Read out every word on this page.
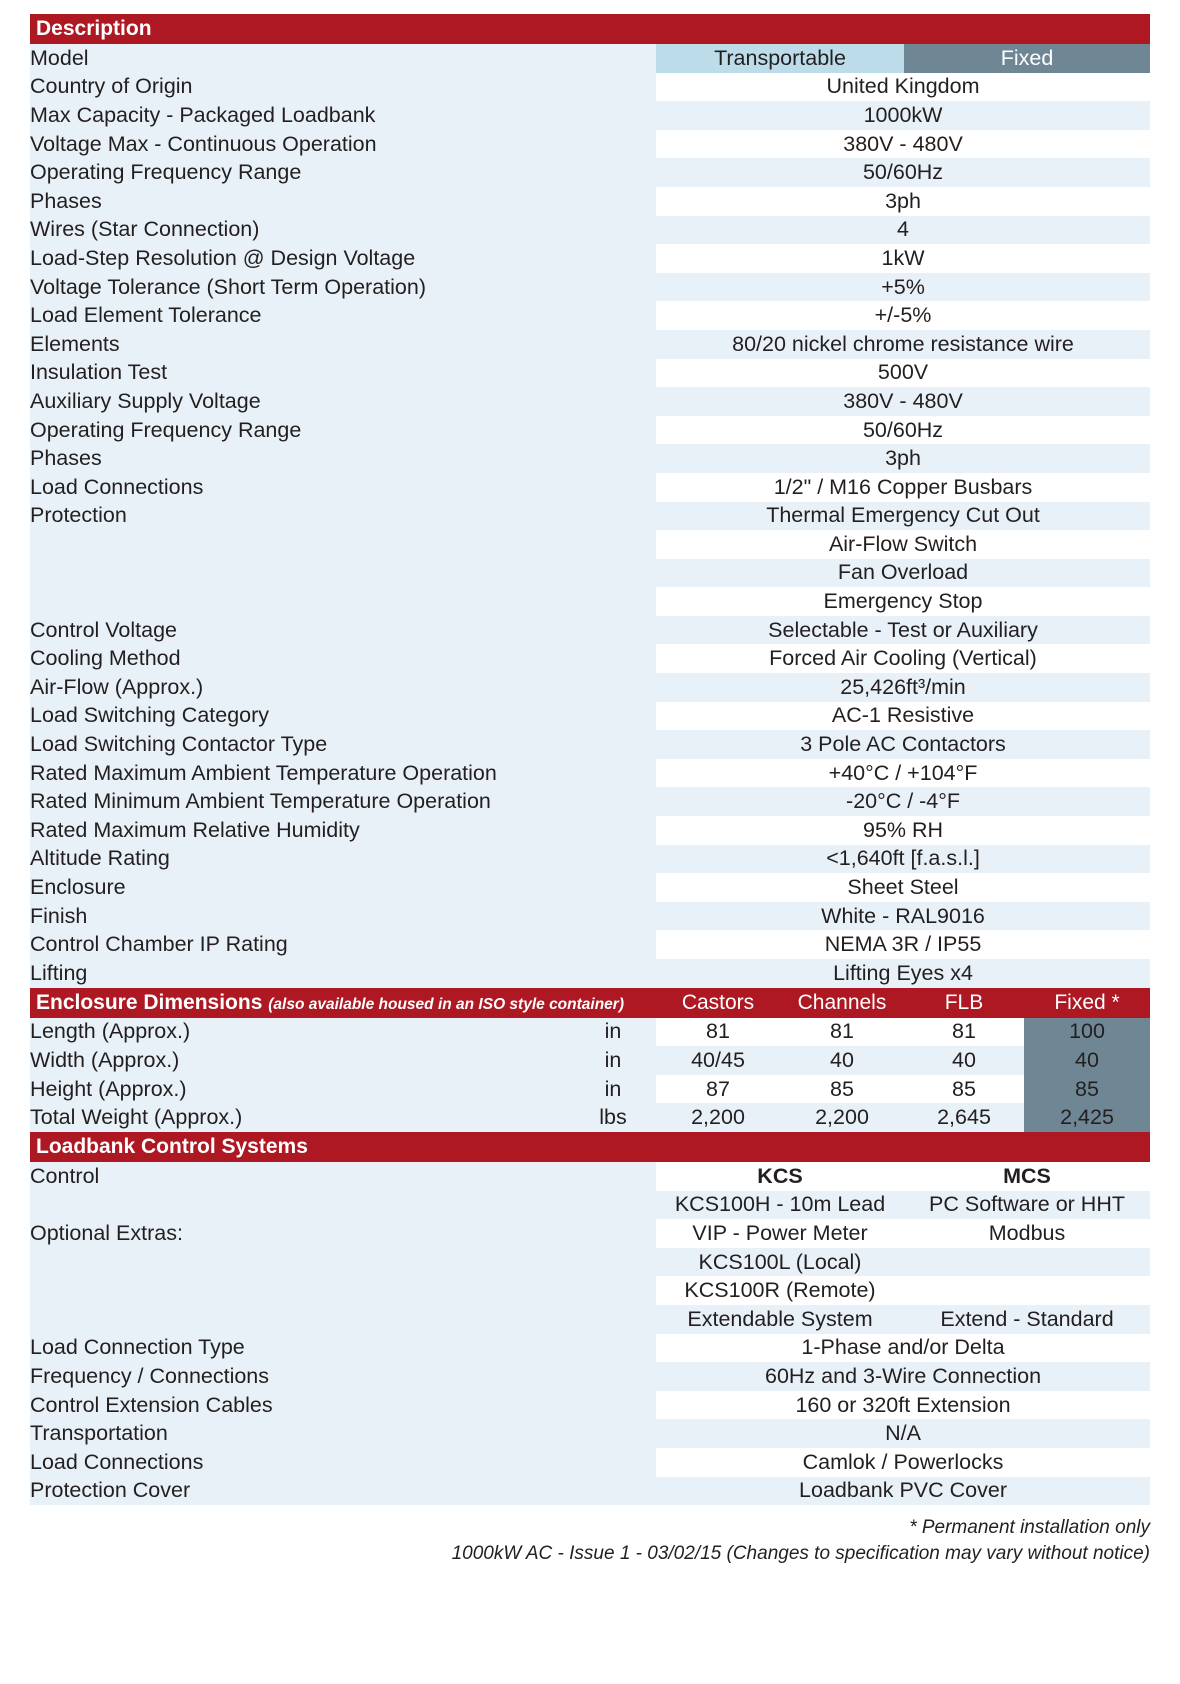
Description					

Model		Transportable		Fixed	
Country of Origin		United Kingdom			
Max Capacity - Packaged Loadbank		1000kW			
Voltage Max - Continuous Operation		380V - 480V			
Operating Frequency Range		50/60Hz			
Phases		3ph			
Wires (Star Connection)		4			
Load-Step Resolution @ Design Voltage		1kW			
Voltage Tolerance (Short Term Operation)		+5%			
Load Element Tolerance		+/-5%			
Elements		80/20 nickel chrome resistance wire			
Insulation Test		500V			
Auxiliary Supply Voltage		380V - 480V			
Operating Frequency Range		50/60Hz			
Phases		3ph			
Load Connections		1/2" / M16 Copper Busbars			
Protection		Thermal Emergency Cut Out			
		Air-Flow Switch			
		Fan Overload			
		Emergency Stop			
Control Voltage		Selectable - Test or Auxiliary			
Cooling Method		Forced Air Cooling (Vertical)			
Air-Flow (Approx.)		25,426ft³/min			
Load Switching Category		AC-1 Resistive			
Load Switching Contactor Type		3 Pole AC Contactors			
Rated Maximum Ambient Temperature Operation		+40°C / +104°F			
Rated Minimum Ambient Temperature Operation		-20°C / -4°F			
Rated Maximum Relative Humidity		95% RH			
Altitude Rating		<1,640ft [f.a.s.l.]			
Enclosure		Sheet Steel			
Finish		White - RAL9016			
Control Chamber IP Rating		NEMA 3R / IP55			
Lifting		Lifting Eyes x4			

Enclosure Dimensions (also available housed in an ISO style container)		Castors	Channels	FLB	Fixed *
Length (Approx.)	in	81	81	81	100
Width (Approx.)	in	40/45	40	40	40
Height (Approx.)	in	87	85	85	85
Total Weight (Approx.)	lbs	2,200	2,200	2,645	2,425

Loadbank Control Systems					

Control		KCS		MCS	
		KCS100H - 10m Lead		PC Software or HHT	
Optional Extras:		VIP - Power Meter		Modbus	
		KCS100L (Local)			
		KCS100R (Remote)			
		Extendable System		Extend - Standard	
Load Connection Type		1-Phase and/or Delta			
Frequency / Connections		60Hz and 3-Wire Connection			
Control Extension Cables		160 or 320ft Extension			
Transportation		N/A			
Load Connections		Camlok / Powerlocks			
Protection Cover		Loadbank PVC Cover			
* Permanent installation only
1000kW AC - Issue 1 - 03/02/15 (Changes to specification may vary without notice)
